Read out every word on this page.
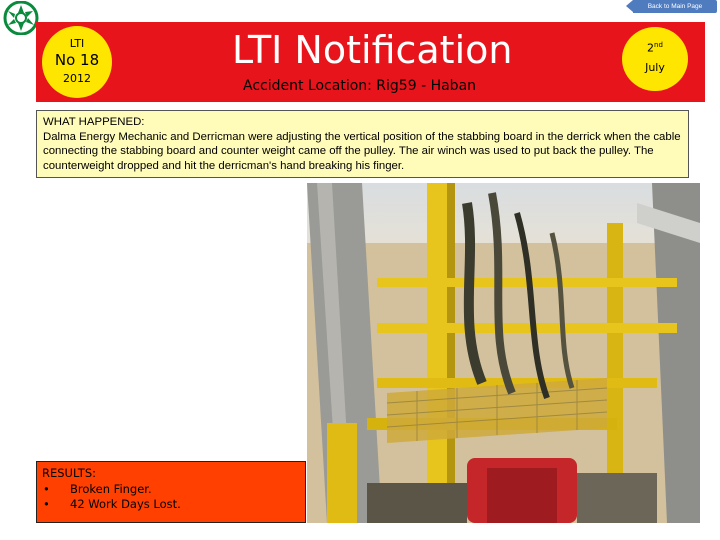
Back to Main Page
LTI
No 18
2012
LTI Notification
Accident Location: Rig59 - Haban
2nd
July
WHAT HAPPENED:
Dalma Energy Mechanic and Derricman were adjusting the vertical position of the stabbing board in the derrick when the cable connecting the stabbing board and counter weight came off the pulley. The air winch was used to put back the pulley. The counterweight dropped and hit the derricman's hand breaking his finger.
RESULTS:
• Broken Finger.
• 42 Work Days Lost.
